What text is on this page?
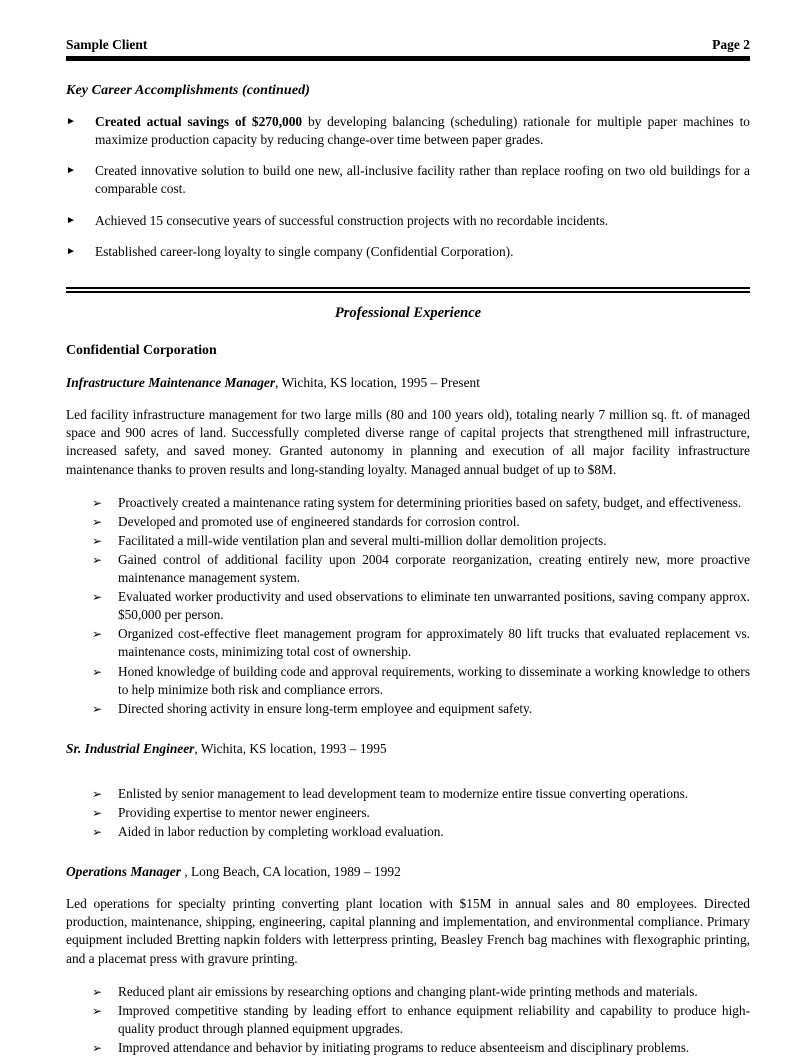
Sample Client	Page 2
Key Career Accomplishments (continued)
► Created actual savings of $270,000 by developing balancing (scheduling) rationale for multiple paper machines to maximize production capacity by reducing change-over time between paper grades.
► Created innovative solution to build one new, all-inclusive facility rather than replace roofing on two old buildings for a comparable cost.
► Achieved 15 consecutive years of successful construction projects with no recordable incidents.
► Established career-long loyalty to single company (Confidential Corporation).
Professional Experience
Confidential Corporation
Infrastructure Maintenance Manager, Wichita, KS location, 1995 – Present

Led facility infrastructure management for two large mills (80 and 100 years old), totaling nearly 7 million sq. ft. of managed space and 900 acres of land. Successfully completed diverse range of capital projects that strengthened mill infrastructure, increased safety, and saved money. Granted autonomy in planning and execution of all major facility infrastructure maintenance thanks to proven results and long-standing loyalty. Managed annual budget of up to $8M.

➢ Proactively created a maintenance rating system for determining priorities based on safety, budget, and effectiveness.
➢ Developed and promoted use of engineered standards for corrosion control.
➢ Facilitated a mill-wide ventilation plan and several multi-million dollar demolition projects.
➢ Gained control of additional facility upon 2004 corporate reorganization, creating entirely new, more proactive maintenance management system.
➢ Evaluated worker productivity and used observations to eliminate ten unwarranted positions, saving company approx. $50,000 per person.
➢ Organized cost-effective fleet management program for approximately 80 lift trucks that evaluated replacement vs. maintenance costs, minimizing total cost of ownership.
➢ Honed knowledge of building code and approval requirements, working to disseminate a working knowledge to others to help minimize both risk and compliance errors.
➢ Directed shoring activity in ensure long-term employee and equipment safety.
Sr. Industrial Engineer, Wichita, KS location, 1993 – 1995
➢ Enlisted by senior management to lead development team to modernize entire tissue converting operations.
➢ Providing expertise to mentor newer engineers.
➢ Aided in labor reduction by completing workload evaluation.
Operations Manager , Long Beach, CA location, 1989 – 1992

Led operations for specialty printing converting plant location with $15M in annual sales and 80 employees. Directed production, maintenance, shipping, engineering, capital planning and implementation, and environmental compliance. Primary equipment included Bretting napkin folders with letterpress printing, Beasley French bag machines with flexographic printing, and a placemat press with gravure printing.

➢ Reduced plant air emissions by researching options and changing plant-wide printing methods and materials.
➢ Improved competitive standing by leading effort to enhance equipment reliability and capability to produce high-quality product through planned equipment upgrades.
➢ Improved attendance and behavior by initiating programs to reduce absenteeism and disciplinary problems.
